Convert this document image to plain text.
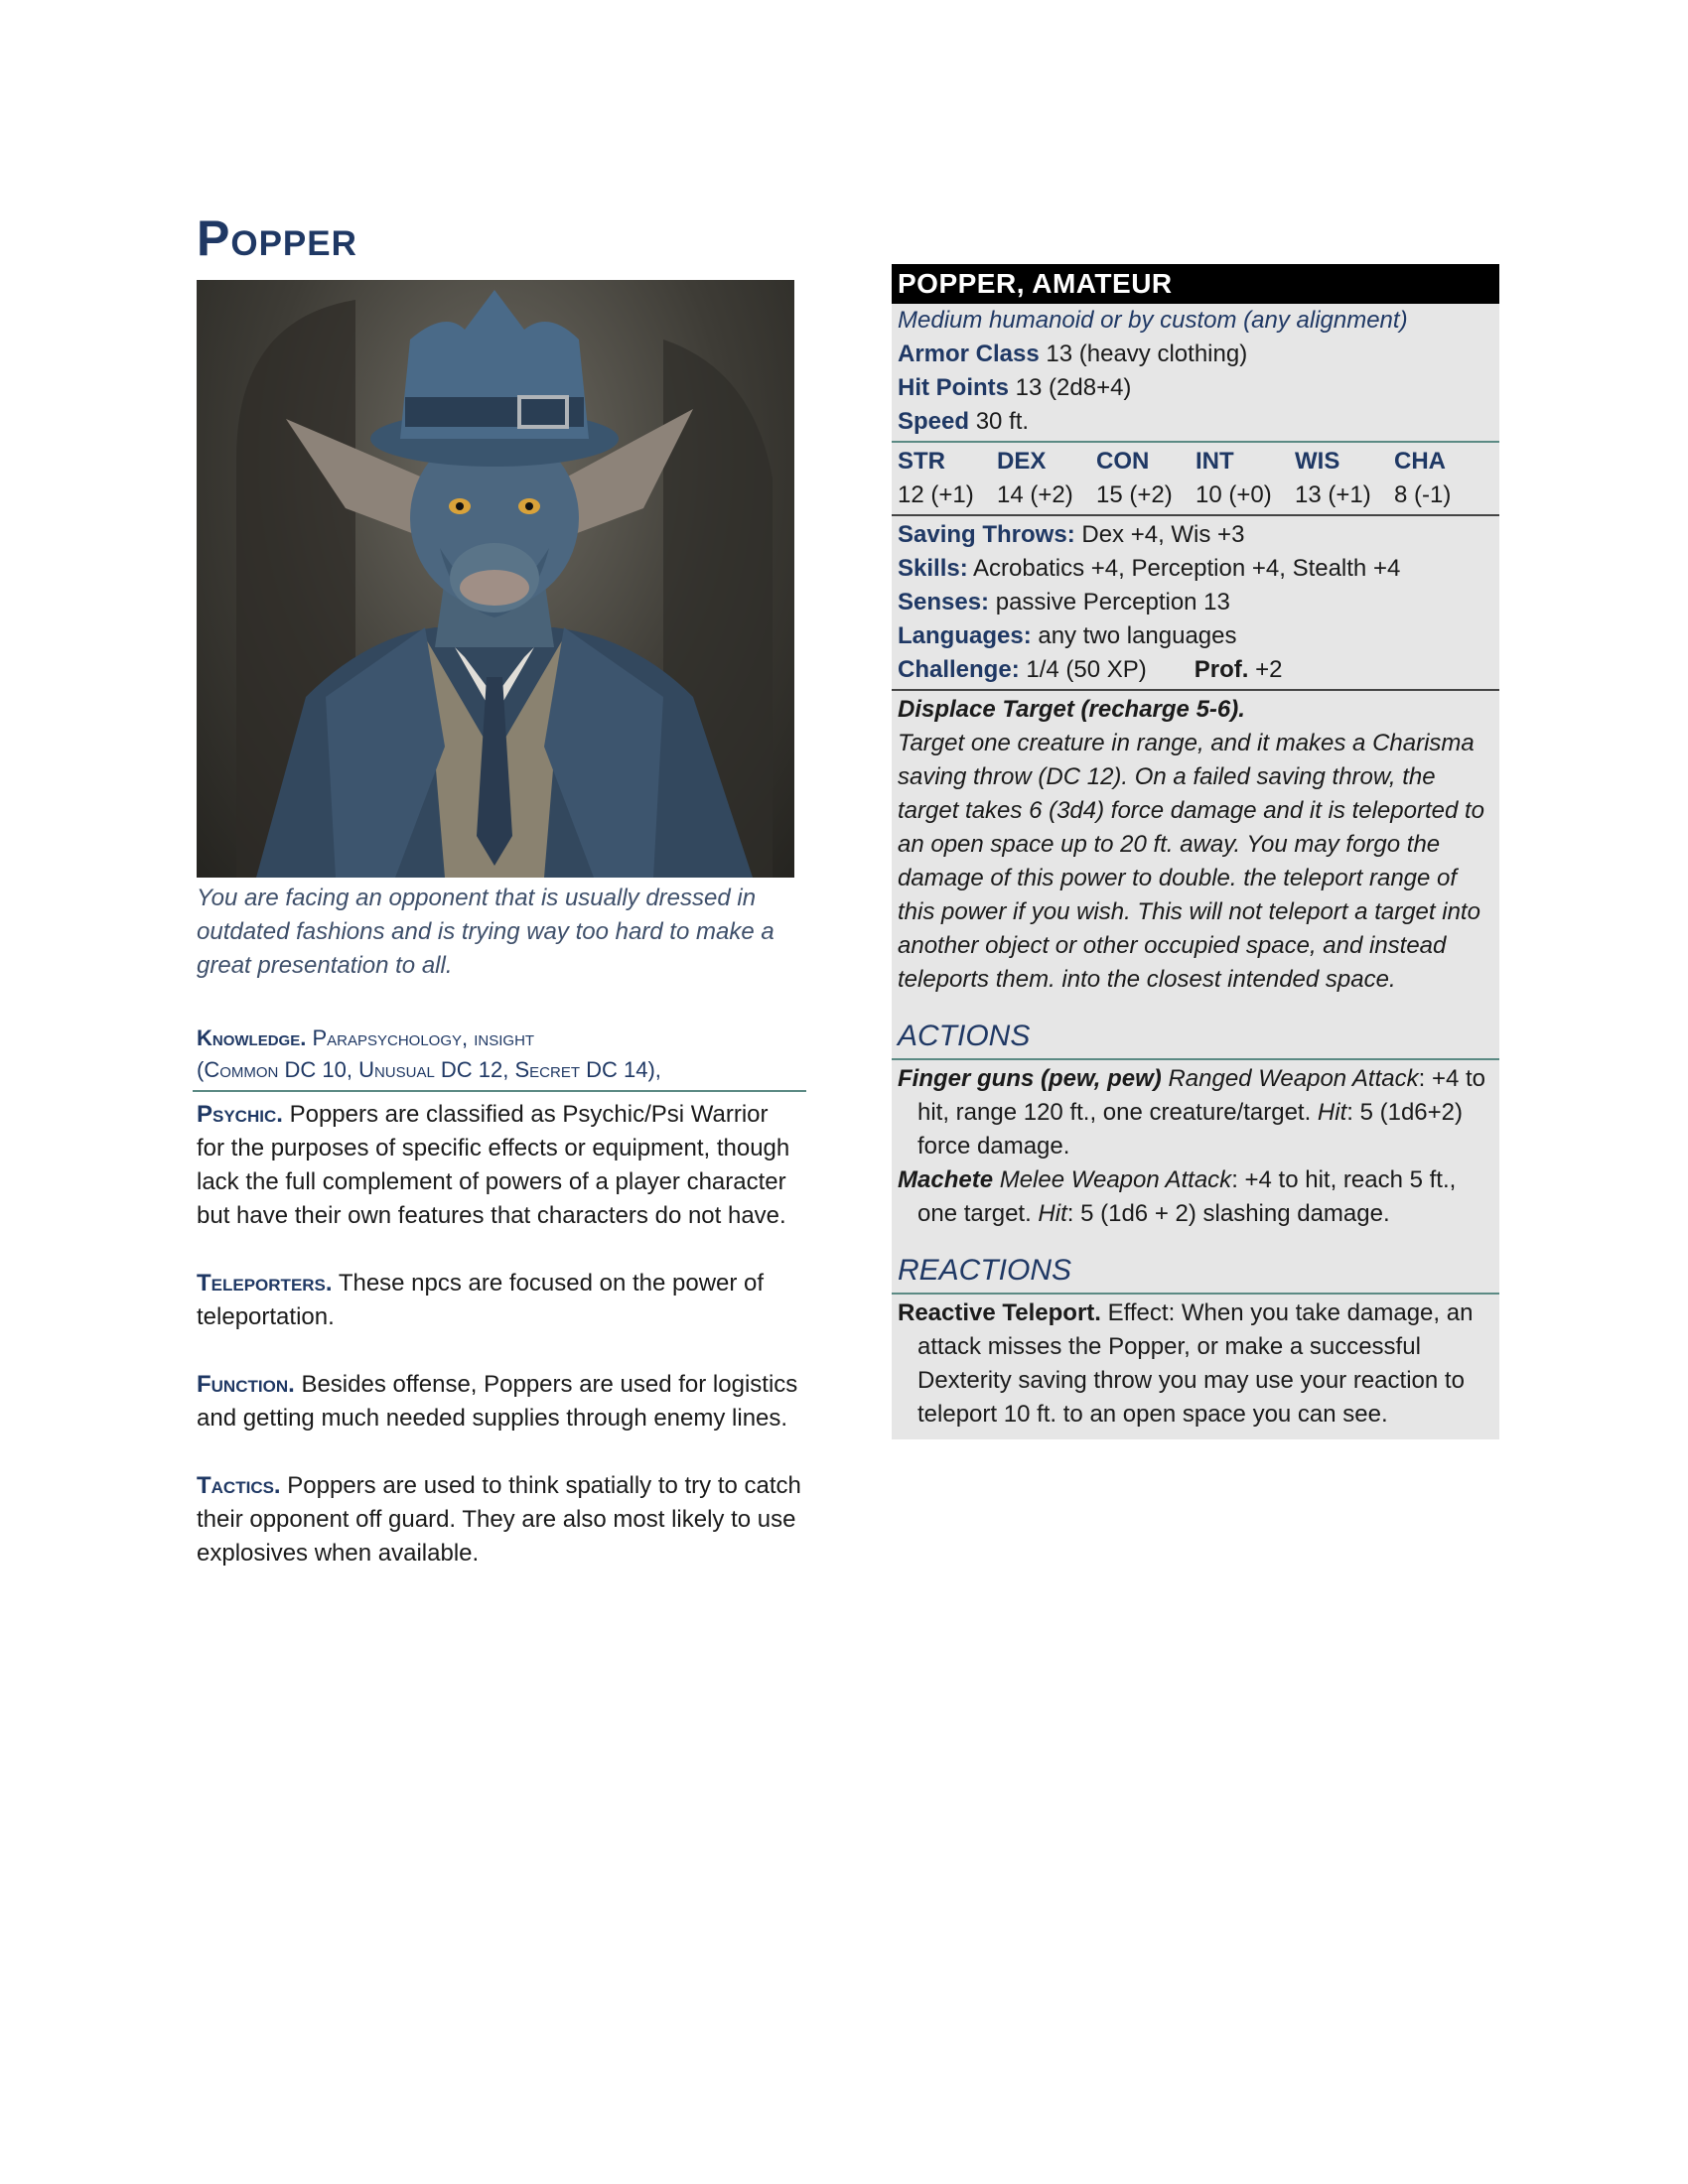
Popper
You are facing an opponent that is usually dressed in outdated fashions and is trying way too hard to make a great presentation to all.
Knowledge. Parapsychology, insight
(Common DC 10, Unusual DC 12, Secret DC 14),
Psychic. Poppers are classified as Psychic/Psi Warrior for the purposes of specific effects or equipment, though lack the full complement of powers of a player character but have their own features that characters do not have.
Teleporters. These npcs are focused on the power of teleportation.
Function. Besides offense, Poppers are used for logistics and getting much needed supplies through enemy lines.
Tactics. Poppers are used to think spatially to try to catch their opponent off guard. They are also most likely to use explosives when available.
POPPER, AMATEUR
Medium humanoid or by custom (any alignment)
Armor Class 13 (heavy clothing)
Hit Points 13 (2d8+4)
Speed 30 ft.
STR	DEX	CON	INT	WIS	CHA
12 (+1) 14 (+2) 15 (+2) 10 (+0) 13 (+1) 8 (-1)
Saving Throws: Dex +4, Wis +3
Skills: Acrobatics +4, Perception +4, Stealth +4
Senses: passive Perception 13
Languages: any two languages
Challenge: 1/4 (50 XP) Prof. +2
Displace Target (recharge 5-6).
Target one creature in range, and it makes a Charisma saving throw (DC 12). On a failed saving throw, the target takes 6 (3d4) force damage and it is teleported to an open space up to 20 ft. away. You may forgo the damage of this power to double. the teleport range of this power if you wish. This will not teleport a target into another object or other occupied space, and instead teleports them. into the closest intended space.
ACTIONS
Finger guns (pew, pew) Ranged Weapon Attack: +4 to hit, range 120 ft., one creature/target. Hit: 5 (1d6+2) force damage.
Machete Melee Weapon Attack: +4 to hit, reach 5 ft., one target. Hit: 5 (1d6 + 2) slashing damage.
REACTIONS
Reactive Teleport. Effect: When you take damage, an attack misses the Popper, or make a successful Dexterity saving throw you may use your reaction to teleport 10 ft. to an open space you can see.
